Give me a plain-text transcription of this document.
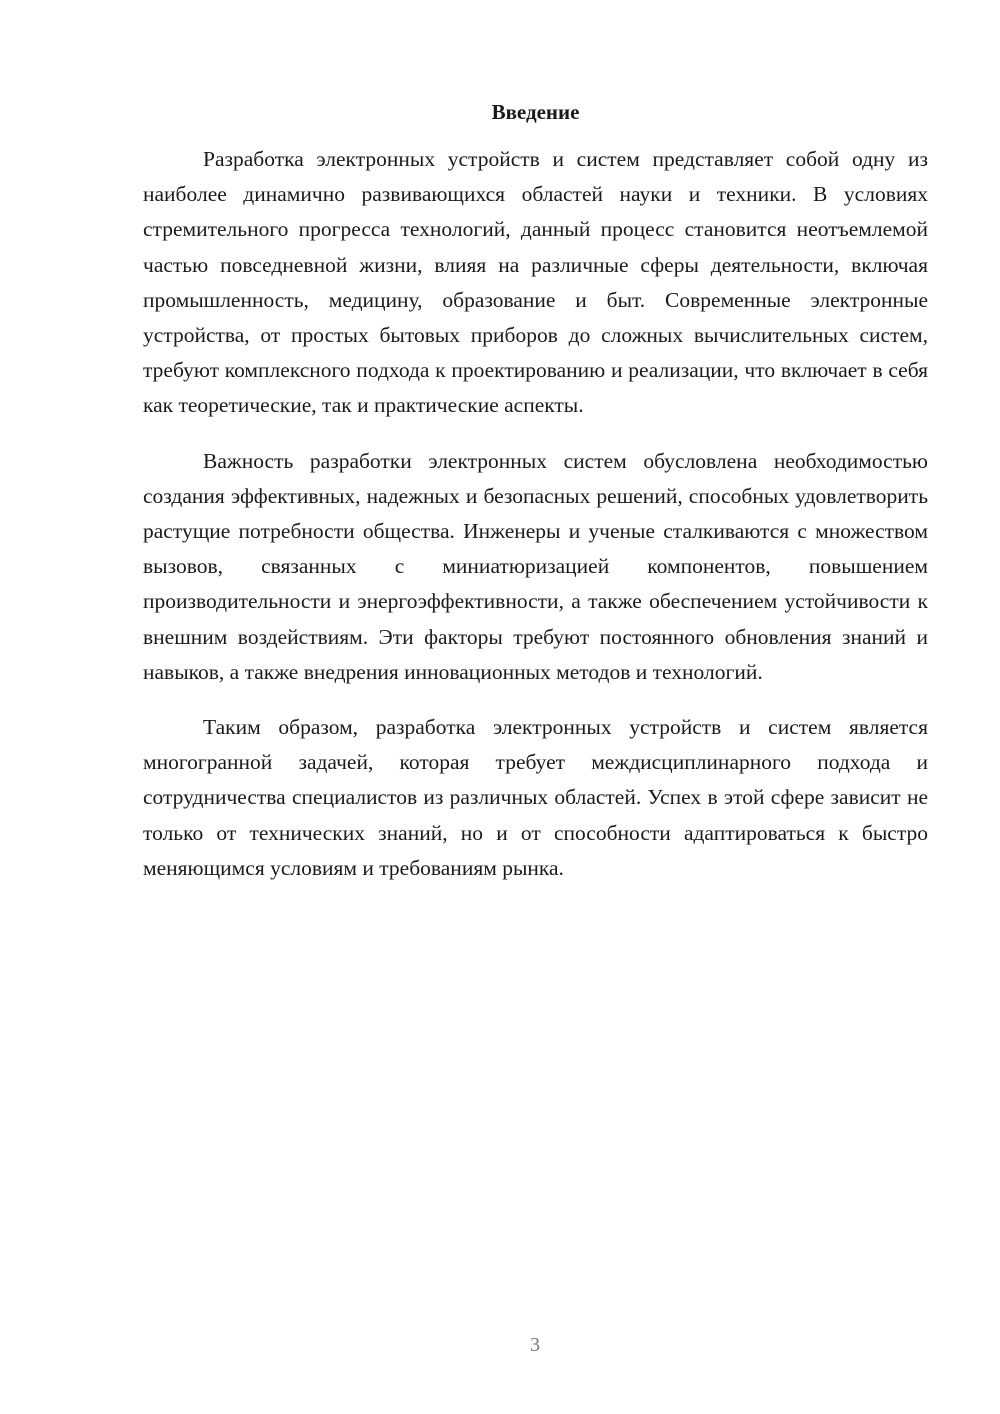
Введение

Разработка электронных устройств и систем представляет собой одну из наиболее динамично развивающихся областей науки и техники. В условиях стремительного прогресса технологий, данный процесс становится неотъемлемой частью повседневной жизни, влияя на различные сферы деятельности, включая промышленность, медицину, образование и быт. Современные электронные устройства, от простых бытовых приборов до сложных вычислительных систем, требуют комплексного подхода к проектированию и реализации, что включает в себя как теоретические, так и практические аспекты.

Важность разработки электронных систем обусловлена необходимостью создания эффективных, надежных и безопасных решений, способных удовлетворить растущие потребности общества. Инженеры и ученые сталкиваются с множеством вызовов, связанных с миниатюризацией компонентов, повышением производительности и энергоэффективности, а также обеспечением устойчивости к внешним воздействиям. Эти факторы требуют постоянного обновления знаний и навыков, а также внедрения инновационных методов и технологий.

Таким образом, разработка электронных устройств и систем является многогранной задачей, которая требует междисциплинарного подхода и сотрудничества специалистов из различных областей. Успех в этой сфере зависит не только от технических знаний, но и от способности адаптироваться к быстро меняющимся условиям и требованиям рынка.

3
